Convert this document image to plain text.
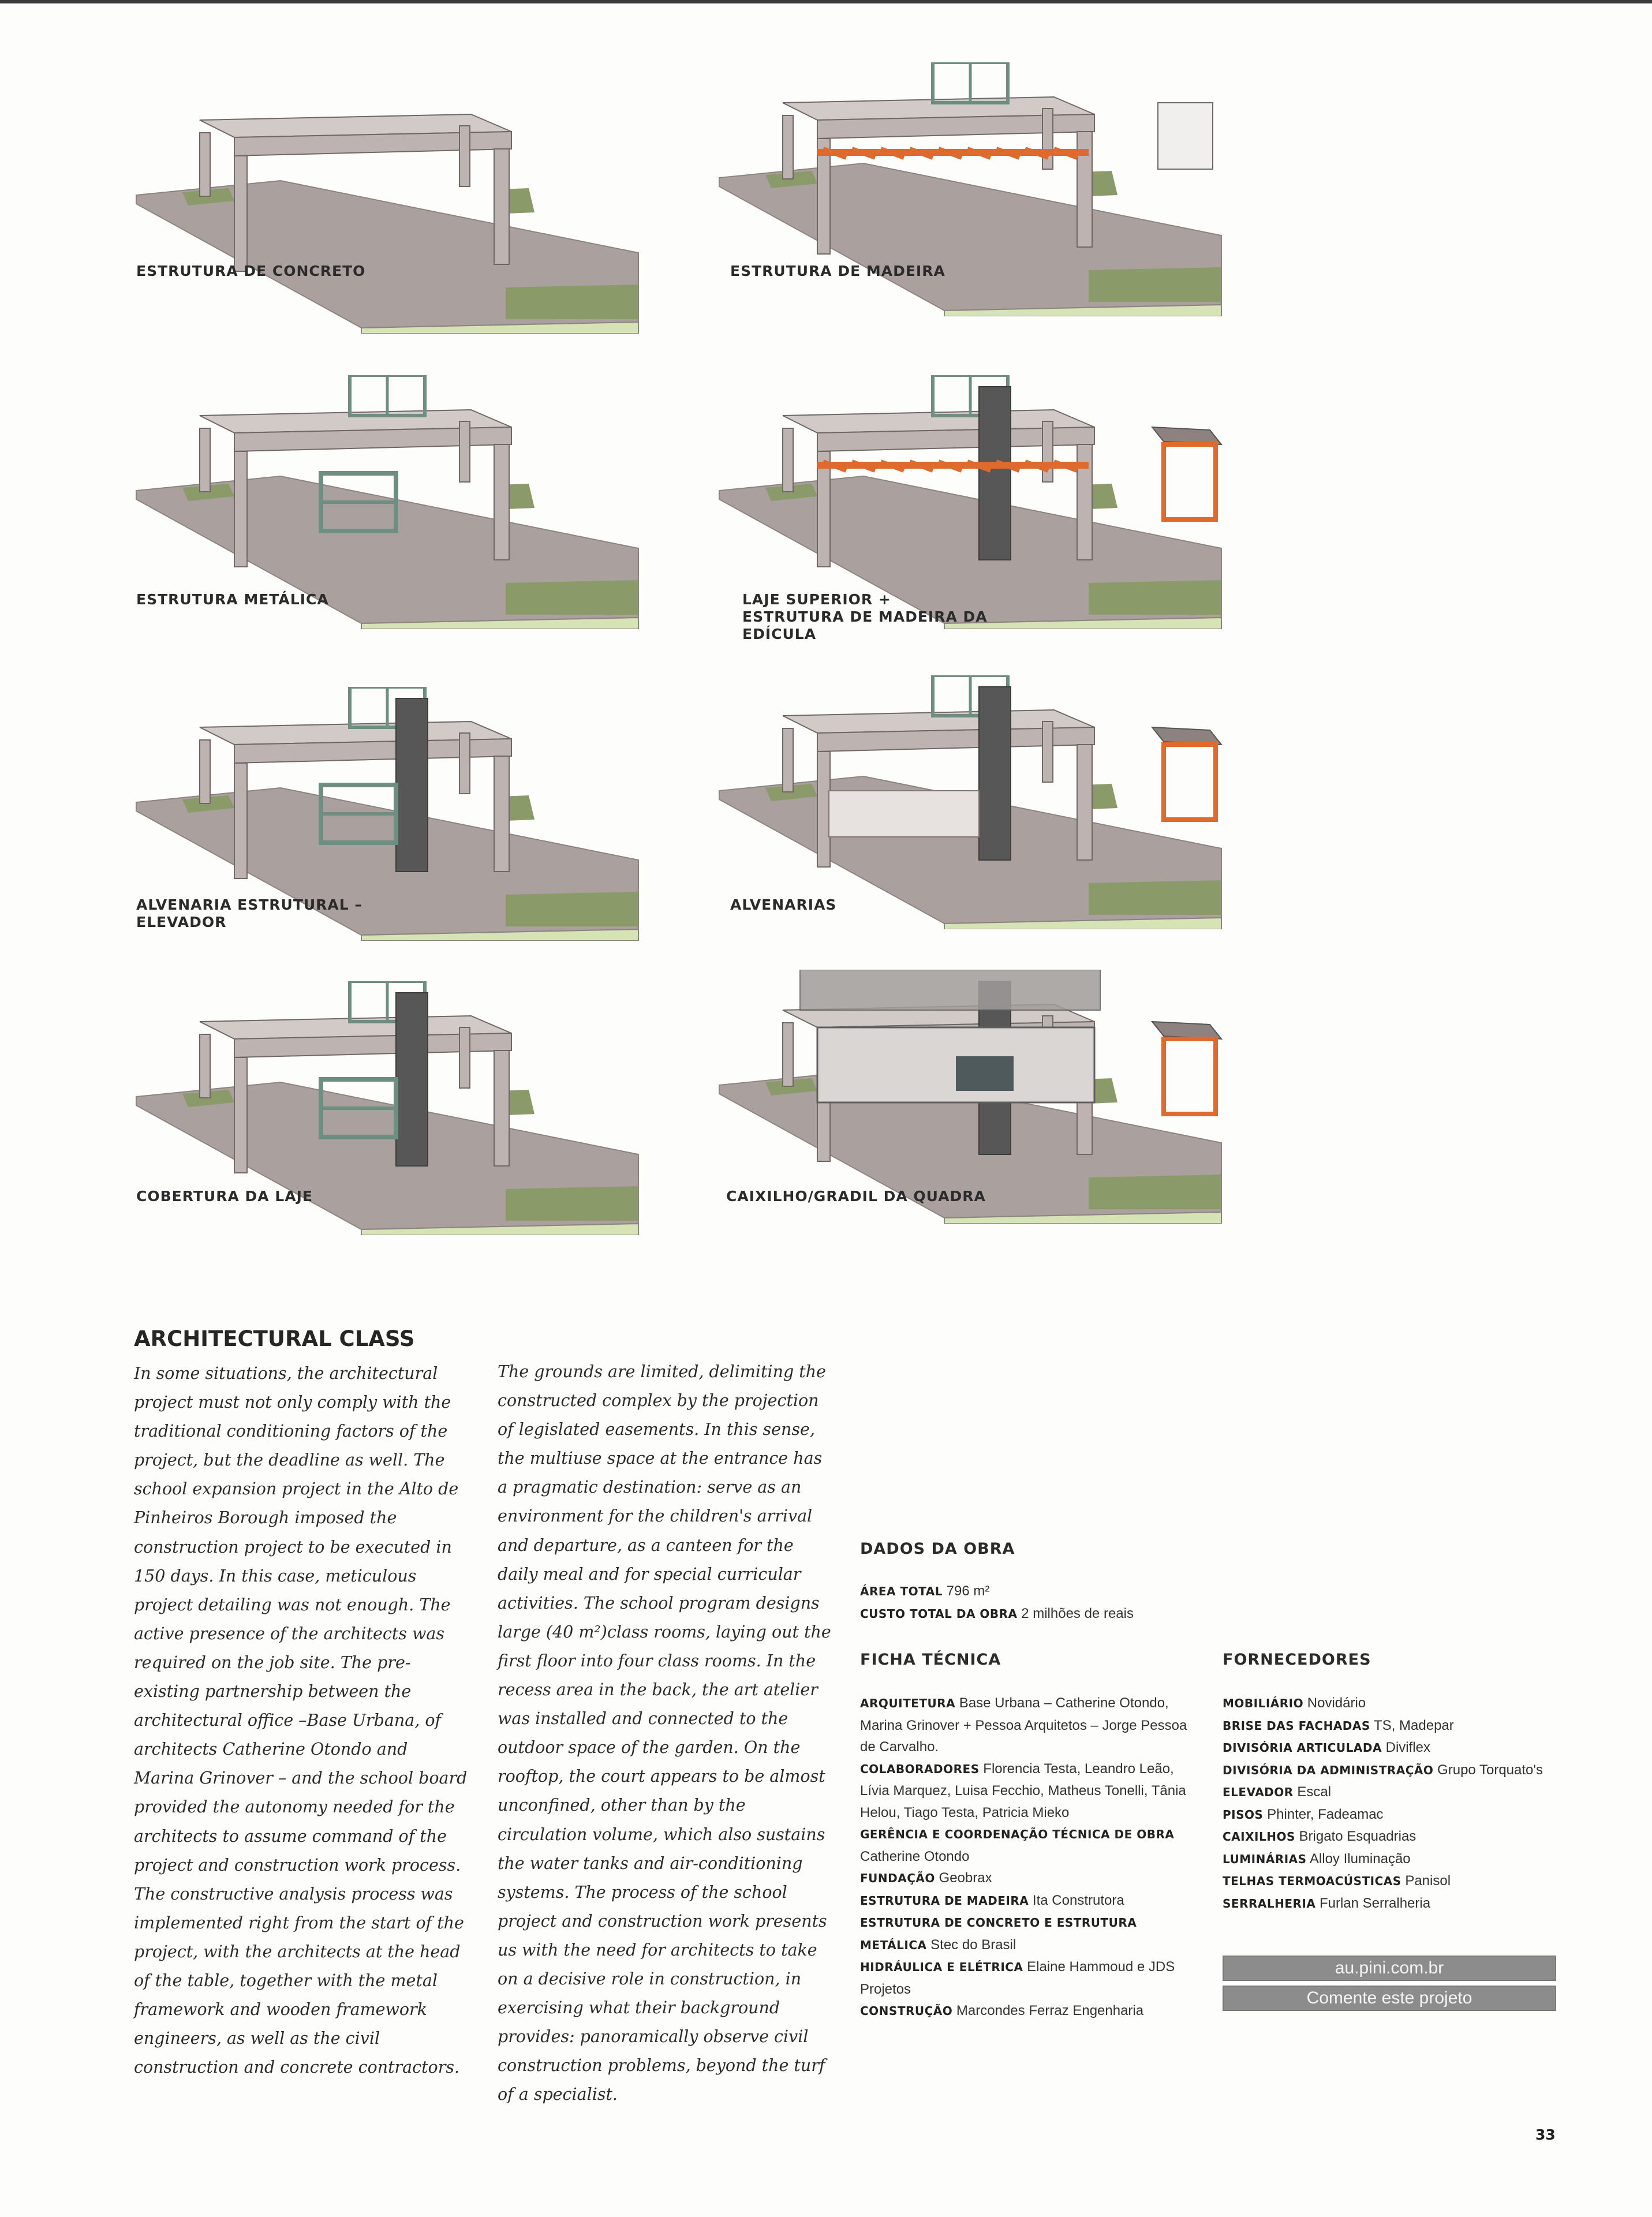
ESTRUTURA DE CONCRETO	ESTRUTURA DE MADEIRA
ESTRUTURA METÁLICA	LAJE SUPERIOR + ESTRUTURA DE MADEIRA DA EDÍCULA
ALVENARIA ESTRUTURAL – ELEVADOR
ALVENARIAS
COBERTURA DA LAJE	CAIXILHO/GRADIL DA QUADRA
ARCHITECTURAL CLASS

In some situations, the architectural project must not only comply with the traditional conditioning factors of the project, but the deadline as well. The school expansion project in the Alto de Pinheiros Borough imposed the construction project to be executed in 150 days. In this case, meticulous project detailing was not enough. The active presence of the architects was required on the job site. The pre-existing partnership between the architectural office –Base Urbana, of architects Catherine Otondo and Marina Grinover – and the school board provided the autonomy needed for the architects to assume command of the project and construction work process. The constructive analysis process was implemented right from the start of the project, with the architects at the head of the table, together with the metal framework and wooden framework engineers, as well as the civil construction and concrete contractors.

The grounds are limited, delimiting the constructed complex by the projection of legislated easements. In this sense, the multiuse space at the entrance has a pragmatic destination: serve as an environment for the children's arrival and departure, as a canteen for the daily meal and for special curricular activities. The school program designs large (40 m²)class rooms, laying out the first floor into four class rooms. In the recess area in the back, the art atelier was installed and connected to the outdoor space of the garden. On the rooftop, the court appears to be almost unconfined, other than by the circulation volume, which also sustains the water tanks and air-conditioning systems. The process of the school project and construction work presents us with the need for architects to take on a decisive role in construction, in exercising what their background provides: panoramically observe civil construction problems, beyond the turf of a specialist.

DADOS DA OBRA
ÁREA TOTAL 796 m²
CUSTO TOTAL DA OBRA 2 milhões de reais
FICHA TÉCNICA
ARQUITETURA Base Urbana – Catherine Otondo, Marina Grinover + Pessoa Arquitetos – Jorge Pessoa de Carvalho.
COLABORADORES Florencia Testa, Leandro Leão, Lívia Marquez, Luisa Fecchio, Matheus Tonelli, Tânia Helou, Tiago Testa, Patricia Mieko
GERÊNCIA E COORDENAÇÃO TÉCNICA DE OBRA Catherine Otondo
FUNDAÇÃO Geobrax
ESTRUTURA DE MADEIRA Ita Construtora
ESTRUTURA DE CONCRETO E ESTRUTURA METÁLICA Stec do Brasil
HIDRÁULICA E ELÉTRICA Elaine Hammoud e JDS Projetos
CONSTRUÇÃO Marcondes Ferraz Engenharia
FORNECEDORES
MOBILIÁRIO Novidário
BRISE DAS FACHADAS TS, Madepar
DIVISÓRIA ARTICULADA Diviflex
DIVISÓRIA DA ADMINISTRAÇÃO Grupo Torquato's
ELEVADOR Escal
PISOS Phinter, Fadeamac
CAIXILHOS Brigato Esquadrias
LUMINÁRIAS Alloy Iluminação
TELHAS TERMOACÚSTICAS Panisol
SERRALHERIA Furlan Serralheria
au.pini.com.br
Comente este projeto
33
